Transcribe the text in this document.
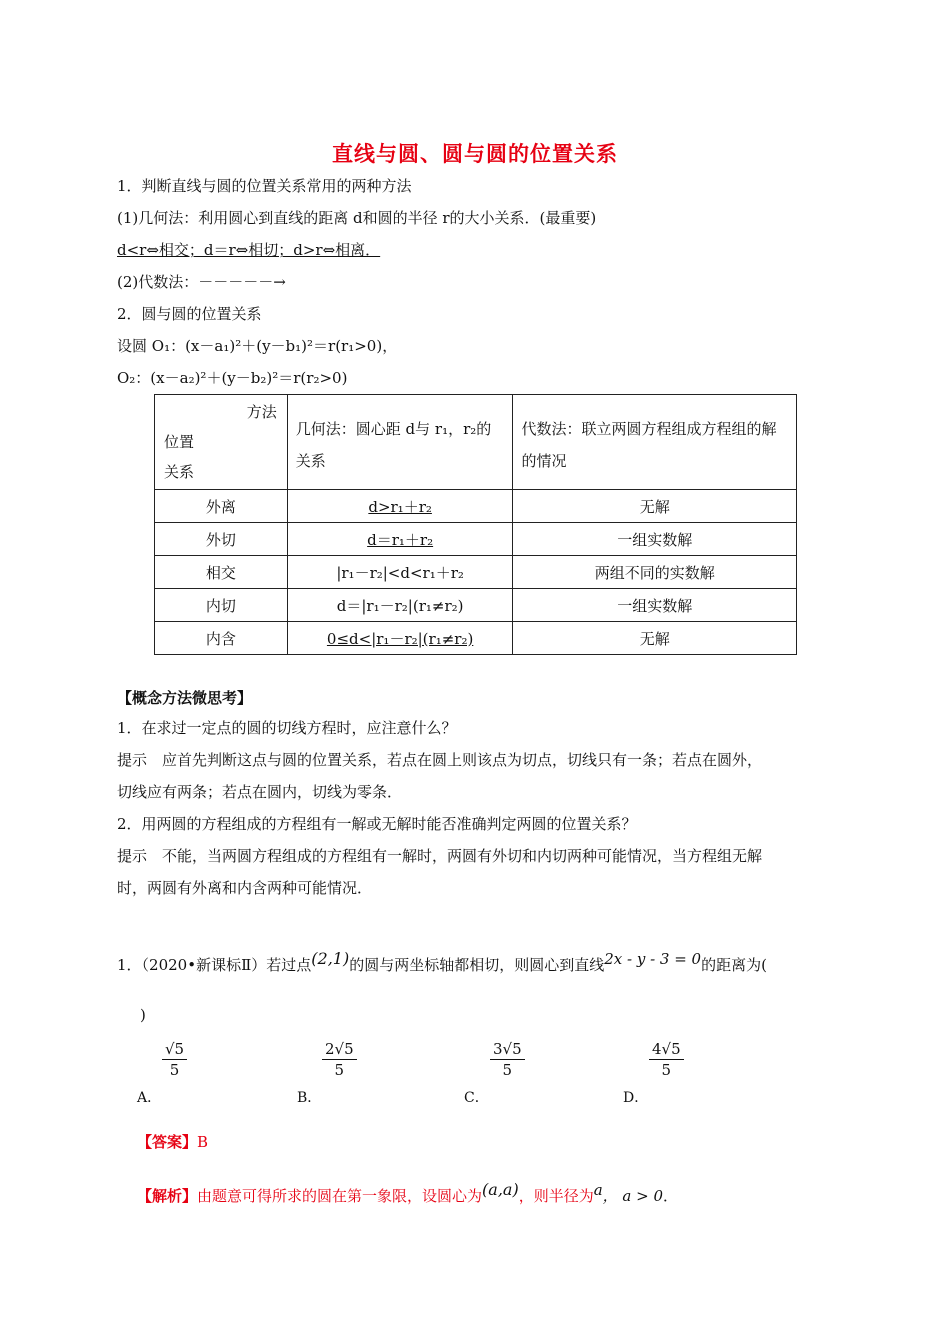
直线与圆、圆与圆的位置关系
1．判断直线与圆的位置关系常用的两种方法
(1)几何法：利用圆心到直线的距离 d和圆的半径 r的大小关系．(最重要)
d<r⇔相交；d＝r⇔相切；d>r⇔相离．
(2)代数法：－－－－－→
2．圆与圆的位置关系
设圆 O₁：(x－a₁)²＋(y－b₁)²＝r(r₁>0)，
O₂：(x－a₂)²＋(y－b₂)²＝r(r₂>0)
方法
位置
关系	几何法：圆心距 d与 r₁，r₂的关系	代数法：联立两圆方程组成方程组的解的情况
外离	d>r₁＋r₂	无解
外切	d＝r₁＋r₂	一组实数解
相交	|r₁－r₂|<d<r₁＋r₂	两组不同的实数解
内切	d＝|r₁－r₂|(r₁≠r₂)	一组实数解
内含	0≤d<|r₁－r₂|(r₁≠r₂)	无解
【概念方法微思考】
1．在求过一定点的圆的切线方程时，应注意什么？
提示　应首先判断这点与圆的位置关系，若点在圆上则该点为切点，切线只有一条；若点在圆外，
切线应有两条；若点在圆内，切线为零条．
2．用两圆的方程组成的方程组有一解或无解时能否准确判定两圆的位置关系？
提示　不能，当两圆方程组成的方程组有一解时，两圆有外切和内切两种可能情况，当方程组无解
时，两圆有外离和内含两种可能情况．
1．（2020•新课标Ⅱ）若过点(2,1)的圆与两坐标轴都相切，则圆心到直线2x - y - 3 = 0的距离为(
)
$\frac{√5}{5}$
A．
$\frac{2√5}{5}$
B．
$\frac{3√5}{5}$
C．
$\frac{4√5}{5}$
D．
【答案】B
【解析】由题意可得所求的圆在第一象限，设圆心为(a,a)，则半径为a， a > 0．
